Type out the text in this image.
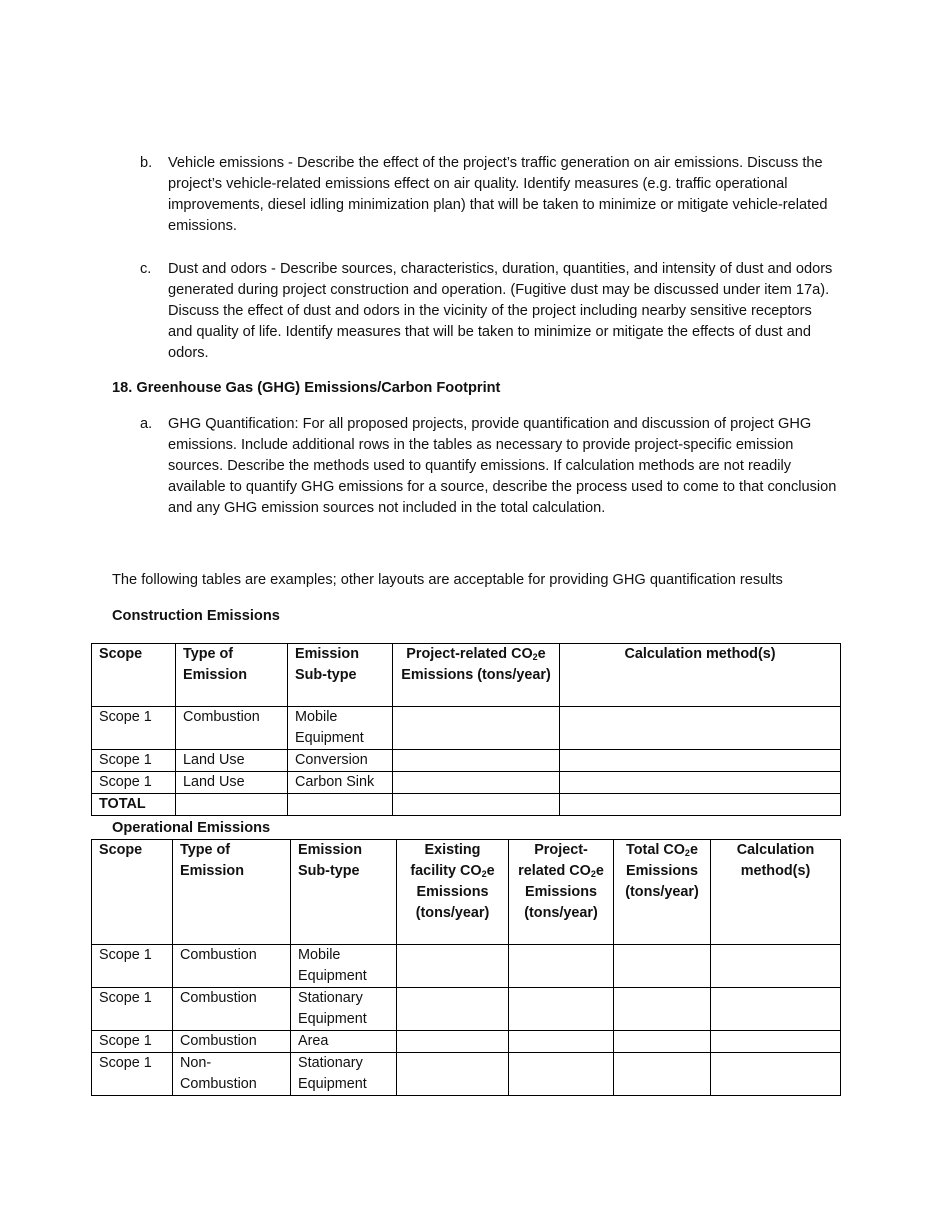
b. Vehicle emissions - Describe the effect of the project’s traffic generation on air emissions. Discuss the project’s vehicle-related emissions effect on air quality. Identify measures (e.g. traffic operational improvements, diesel idling minimization plan) that will be taken to minimize or mitigate vehicle-related emissions.
c. Dust and odors - Describe sources, characteristics, duration, quantities, and intensity of dust and odors generated during project construction and operation. (Fugitive dust may be discussed under item 17a). Discuss the effect of dust and odors in the vicinity of the project including nearby sensitive receptors and quality of life. Identify measures that will be taken to minimize or mitigate the effects of dust and odors.
18. Greenhouse Gas (GHG) Emissions/Carbon Footprint
a. GHG Quantification: For all proposed projects, provide quantification and discussion of project GHG emissions. Include additional rows in the tables as necessary to provide project-specific emission sources. Describe the methods used to quantify emissions. If calculation methods are not readily available to quantify GHG emissions for a source, describe the process used to come to that conclusion and any GHG emission sources not included in the total calculation.
The following tables are examples; other layouts are acceptable for providing GHG quantification results
Construction Emissions
Scope	Type of Emission	Emission Sub-type	Project-related $CO_2e$ Emissions (tons/year)	Calculation method(s)
Scope 1	Combustion	Mobile Equipment		
Scope 1	Land Use	Conversion		
Scope 1	Land Use	Carbon Sink		
TOTAL				
Operational Emissions
Scope	Type of Emission	Emission Sub-type	Existing facility $CO_2e$ Emissions (tons/year)	Project-related $CO_2e$ Emissions (tons/year)	Total $CO_2e$ Emissions (tons/year)	Calculation method(s)
Scope 1	Combustion	Mobile Equipment				
Scope 1	Combustion	Stationary Equipment				
Scope 1	Combustion	Area				
Scope 1	Non-Combustion	Stationary Equipment				
